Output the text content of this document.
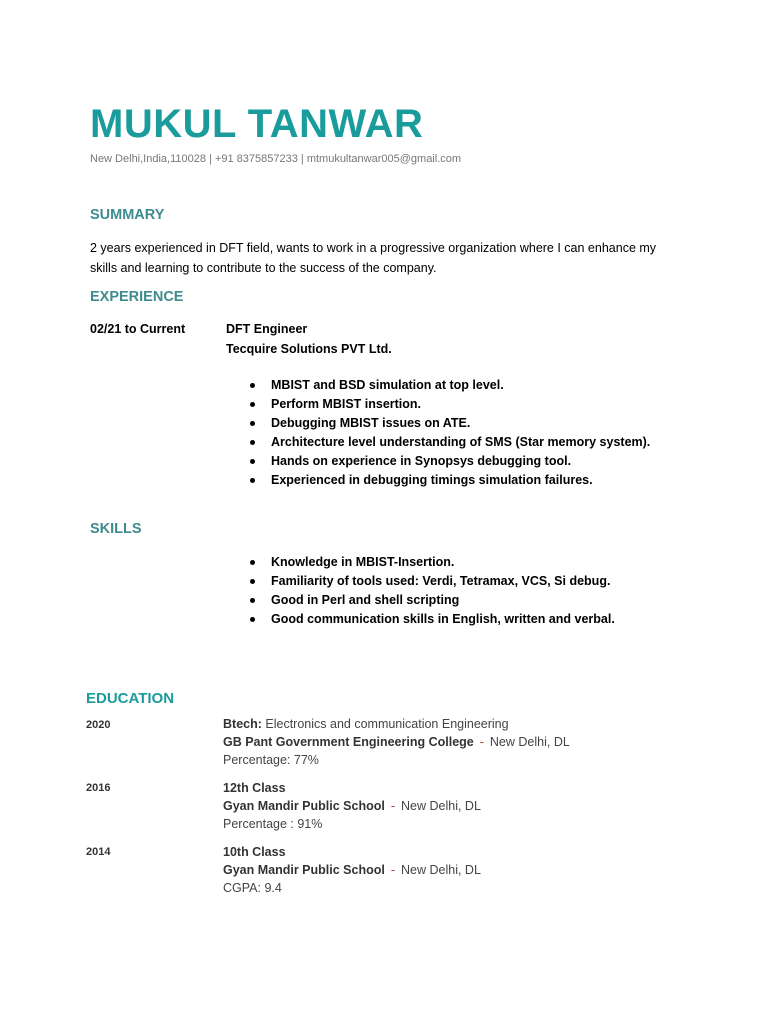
MUKUL TANWAR
New Delhi,India,110028 | +91 8375857233 | mtmukultanwar005@gmail.com
SUMMARY
2 years experienced in DFT field, wants to work in a progressive organization where I can enhance my
skills and learning to contribute to the success of the company.
EXPERIENCE
02/21 to Current	DFT Engineer
Tecquire Solutions PVT Ltd.
MBIST and BSD simulation at top level.
Perform MBIST insertion.
Debugging MBIST issues on ATE.
Architecture level understanding of SMS (Star memory system).
Hands on experience in Synopsys debugging tool.
Experienced in debugging timings simulation failures.
SKILLS
Knowledge in MBIST-Insertion.
Familiarity of tools used: Verdi, Tetramax, VCS, Si debug.
Good in Perl and shell scripting
Good communication skills in English, written and verbal.
EDUCATION
2020	Btech: Electronics and communication Engineering
GB Pant Government Engineering College - New Delhi, DL
Percentage: 77%
2016	12th Class
Gyan Mandir Public School - New Delhi, DL
Percentage : 91%
2014	10th Class
Gyan Mandir Public School - New Delhi, DL
CGPA: 9.4
